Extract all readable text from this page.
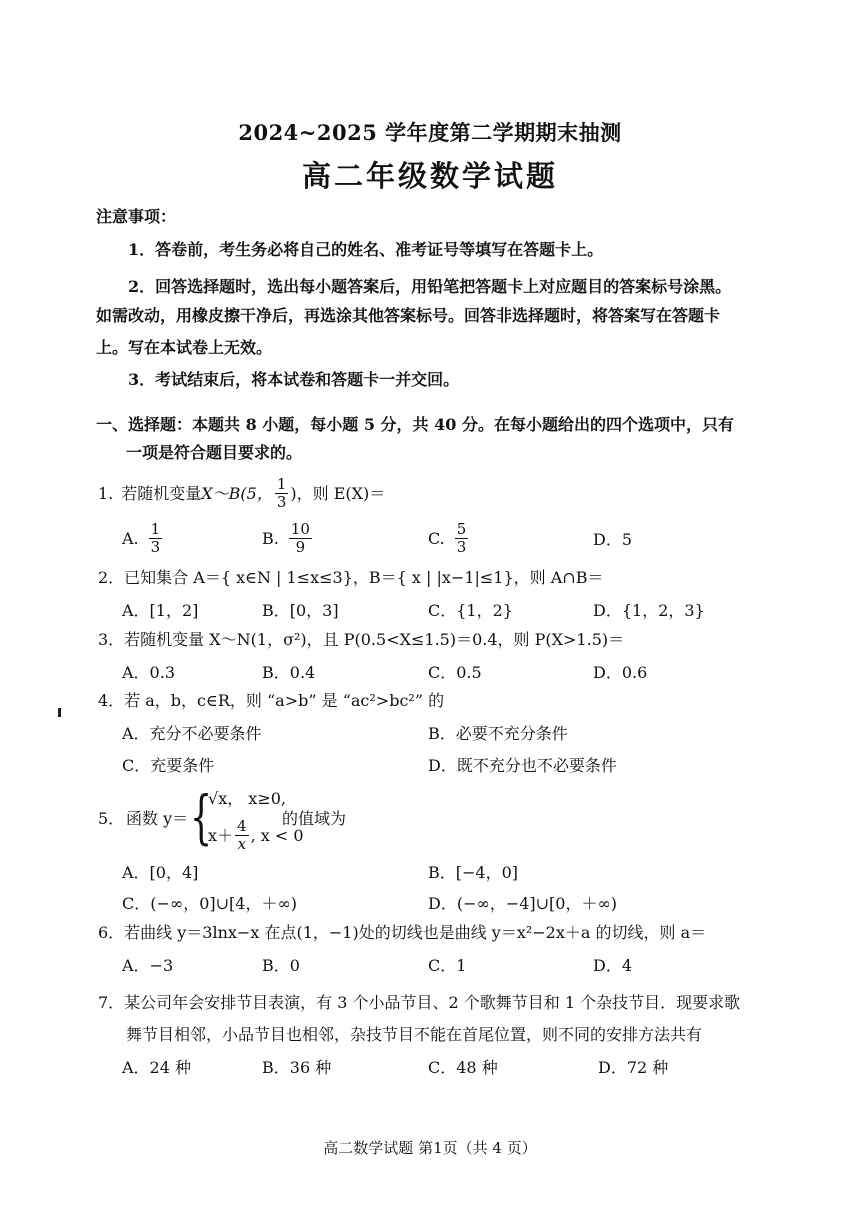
2024~2025 学年度第二学期期末抽测
高二年级数学试题
注意事项：
1．答卷前，考生务必将自己的姓名、准考证号等填写在答题卡上。
2．回答选择题时，选出每小题答案后，用铅笔把答题卡上对应题目的答案标号涂黑。
如需改动，用橡皮擦干净后，再选涂其他答案标号。回答非选择题时，将答案写在答题卡
上。写在本试卷上无效。
3．考试结束后，将本试卷和答题卡一并交回。
一、选择题：本题共 8 小题，每小题 5 分，共 40 分。在每小题给出的四个选项中，只有
一项是符合题目要求的。
1. 若随机变量 X～B(5， $\frac{1}{3}$ )，则 E(X)＝
A. $\frac{1}{3}$	B. $\frac{10}{9}$	C. $\frac{5}{3}$	D．5
2．已知集合 A＝{ x∈N | 1≤x≤3}，B＝{ x | |x−1|≤1}，则 A∩B＝
A．[1，2]	B．[0，3]	C．{1，2}	D．{1，2，3}
3．若随机变量 X～N(1，σ²)，且 P(0.5<X≤1.5)＝0.4，则 P(X>1.5)＝
A．0.3	B．0.4	C．0.5	D．0.6
4．若 a，b，c∈R，则 “a>b” 是 “ac²>bc²” 的
A．充分不必要条件	B．必要不充分条件
C．充要条件	D．既不充分也不必要条件
5． 函数 y＝ {
√x， x≥0,
$x+ \frac{4}{x}$ , x < 0
的值域为
A．[0，4]	B．[−4，0]
C．(−∞，0]∪[4，＋∞)	D．(−∞，−4]∪[0，＋∞)
6．若曲线 y＝3lnx−x 在点(1，−1)处的切线也是曲线 y＝x²−2x＋a 的切线，则 a＝
A．−3	B．0	C．1	D．4
7．某公司年会安排节目表演，有 3 个小品节目、2 个歌舞节目和 1 个杂技节目．现要求歌
舞节目相邻，小品节目也相邻，杂技节目不能在首尾位置，则不同的安排方法共有
A．24 种	B．36 种	C．48 种	D．72 种
高二数学试题 第1页（共 4 页）
